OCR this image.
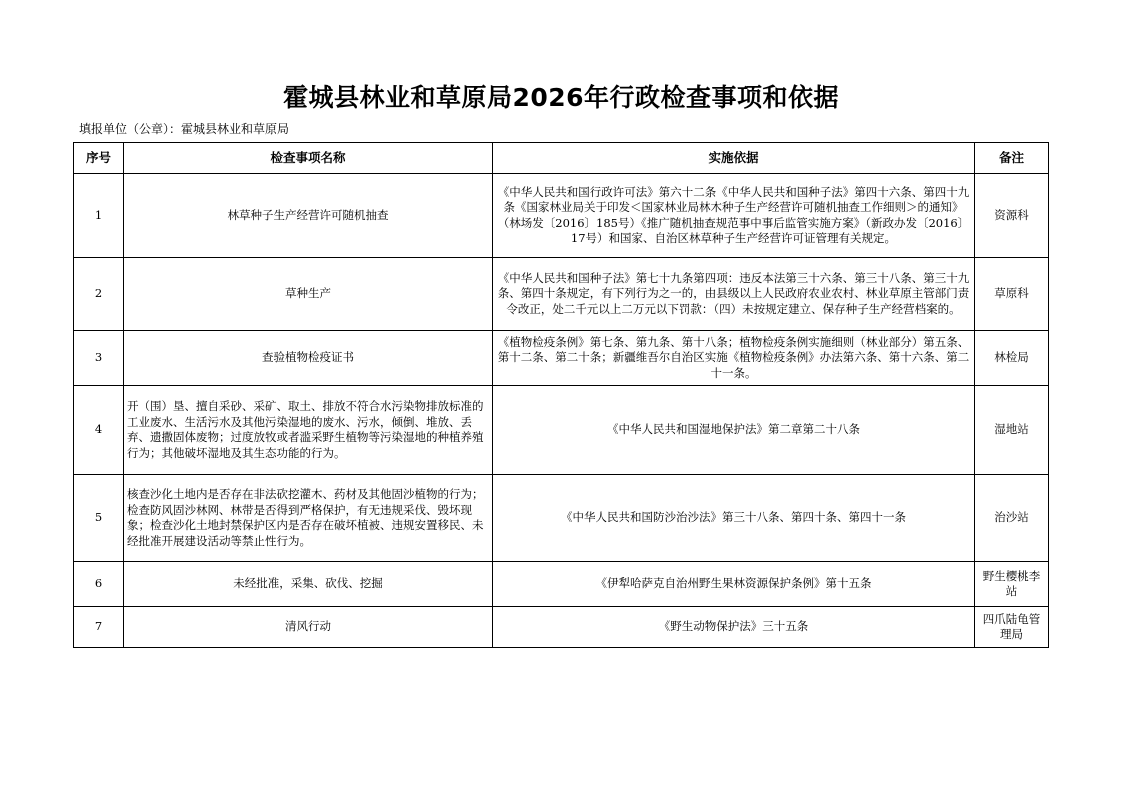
霍城县林业和草原局2026年行政检查事项和依据
填报单位（公章）：霍城县林业和草原局
序号	检查事项名称	实施依据	备注
1	林草种子生产经营许可随机抽查	《中华人民共和国行政许可法》第六十二条《中华人民共和国种子法》第四十六条、第四十九条《国家林业局关于印发＜国家林业局林木种子生产经营许可随机抽查工作细则＞的通知》（林场发〔2016〕185号）《推广随机抽查规范事中事后监管实施方案》（新政办发〔2016〕17号）和国家、自治区林草种子生产经营许可证管理有关规定。	资源科
2	草种生产	《中华人民共和国种子法》第七十九条第四项：违反本法第三十六条、第三十八条、第三十九条、第四十条规定，有下列行为之一的，由县级以上人民政府农业农村、林业草原主管部门责令改正，处二千元以上二万元以下罚款：（四）未按规定建立、保存种子生产经营档案的。	草原科
3	查验植物检疫证书	《植物检疫条例》第七条、第九条、第十八条；植物检疫条例实施细则（林业部分）第五条、第十二条、第二十条；新疆维吾尔自治区实施《植物检疫条例》办法第六条、第十六条、第二十一条。	林检局
4	开（围）垦、擅自采砂、采矿、取土、排放不符合水污染物排放标准的工业废水、生活污水及其他污染湿地的废水、污水，倾倒、堆放、丢弃、遗撒固体废物；过度放牧或者滥采野生植物等污染湿地的种植养殖行为；其他破坏湿地及其生态功能的行为。	《中华人民共和国湿地保护法》第二章第二十八条	湿地站
5	核查沙化土地内是否存在非法砍挖灌木、药材及其他固沙植物的行为；检查防风固沙林网、林带是否得到严格保护，有无违规采伐、毁坏现象；检查沙化土地封禁保护区内是否存在破坏植被、违规安置移民、未经批准开展建设活动等禁止性行为。	《中华人民共和国防沙治沙法》第三十八条、第四十条、第四十一条	治沙站
6	未经批准，采集、砍伐、挖掘	《伊犁哈萨克自治州野生果林资源保护条例》第十五条	野生樱桃李站
7	清风行动	《野生动物保护法》三十五条	四爪陆龟管理局
